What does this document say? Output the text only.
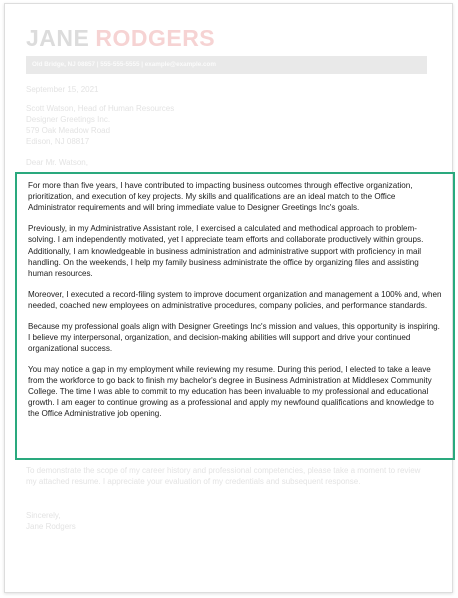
JANE RODGERS
Old Bridge, NJ 08857 | 555-555-5555 | example@example.com
September 15, 2021
Scott Watson, Head of Human Resources
Designer Greetings Inc.
579 Oak Meadow Road
Edison, NJ 08817
Dear Mr. Watson,

For more than five years, I have contributed to impacting business outcomes through effective organization, prioritization, and execution of key projects. My skills and qualifications are an ideal match to the Office Administrator requirements and will bring immediate value to Designer Greetings Inc's goals.

Previously, in my Administrative Assistant role, I exercised a calculated and methodical approach to problem-solving. I am independently motivated, yet I appreciate team efforts and collaborate productively within groups. Additionally, I am knowledgeable in business administration and administrative support with proficiency in mail handling. On the weekends, I help my family business administrate the office by organizing files and assisting human resources.

Moreover, I executed a record-filing system to improve document organization and management a 100% and, when needed, coached new employees on administrative procedures, company policies, and performance standards.

Because my professional goals align with Designer Greetings Inc's mission and values, this opportunity is inspiring. I believe my interpersonal, organization, and decision-making abilities will support and drive your continued organizational success.

You may notice a gap in my employment while reviewing my resume. During this period, I elected to take a leave from the workforce to go back to finish my bachelor's degree in Business Administration at Middlesex Community College. The time I was able to commit to my education has been invaluable to my professional and educational growth. I am eager to continue growing as a professional and apply my newfound qualifications and knowledge to the Office Administrative job opening.

To demonstrate the scope of my career history and professional competencies, please take a moment to review my attached resume. I appreciate your evaluation of my credentials and subsequent response.
Sincerely,
Jane Rodgers
